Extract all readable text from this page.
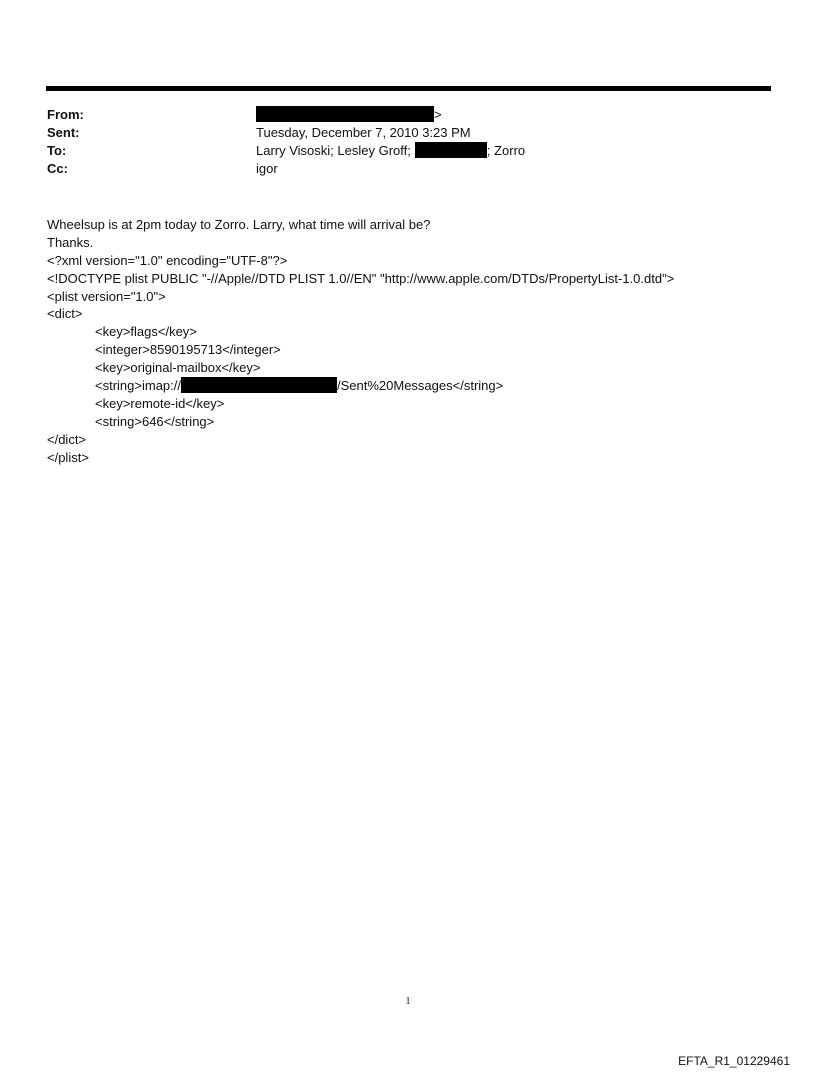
From:	>
Sent:	Tuesday, December 7, 2010 3:23 PM
To:	Larry Visoski; Lesley Groff;	; Zorro
Cc:	igor
Wheelsup is at 2pm today to Zorro. Larry, what time will arrival be?
Thanks.
<?xml version="1.0" encoding="UTF-8"?>
<!DOCTYPE plist PUBLIC "-//Apple//DTD PLIST 1.0//EN" "http://www.apple.com/DTDs/PropertyList-1.0.dtd">
<plist version="1.0">
<dict>
<key>flags</key>
<integer>8590195713</integer>
<key>original-mailbox</key>
<string>imap://	/Sent%20Messages</string>
<key>remote-id</key>
<string>646</string>
</dict>
</plist>
1
EFTA_R1_01229461
